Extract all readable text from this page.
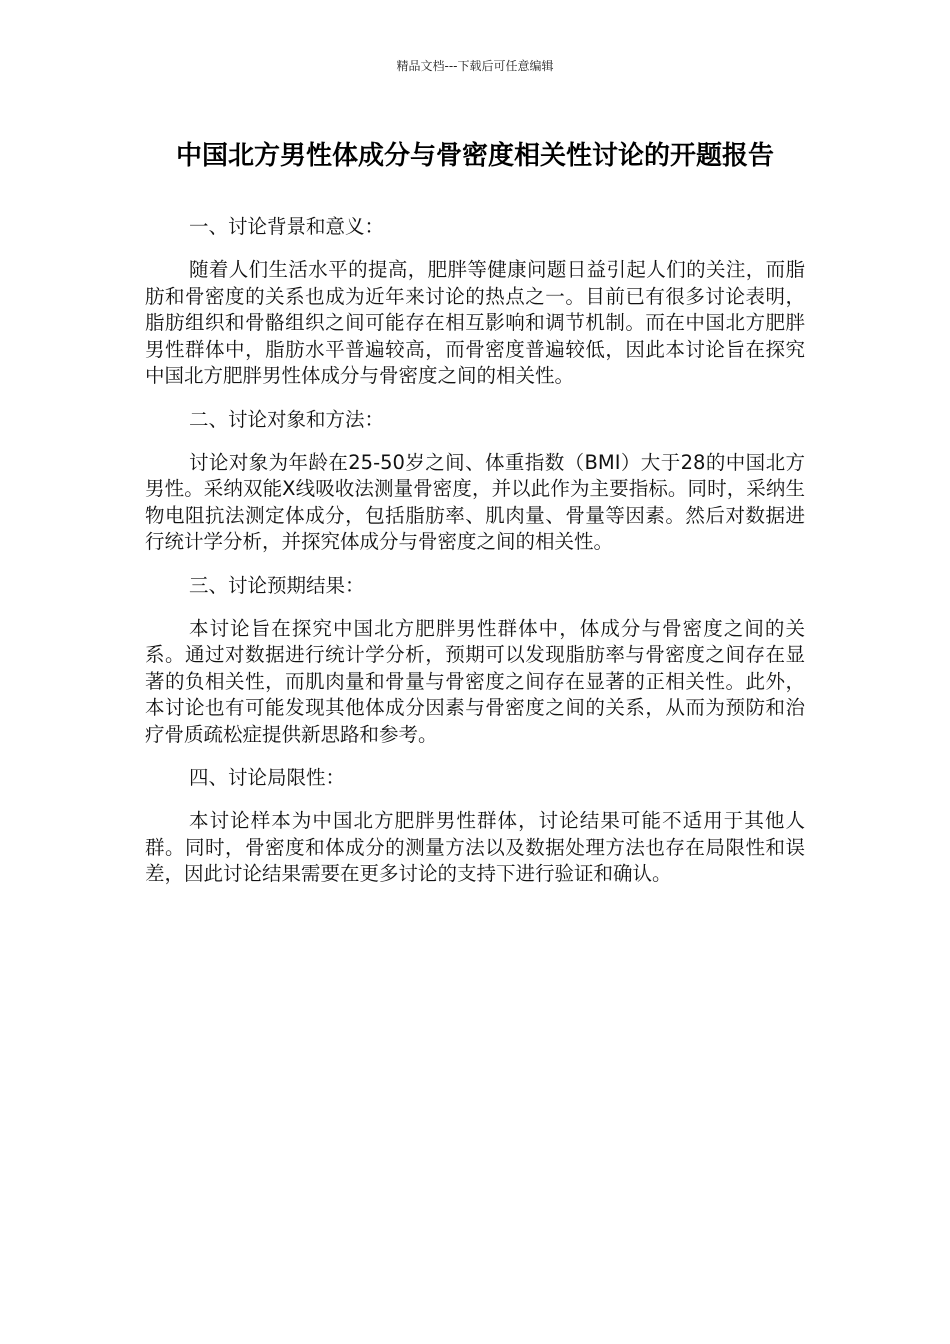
精品文档---下载后可任意编辑
中国北方男性体成分与骨密度相关性讨论的开题报告

一、讨论背景和意义：

随着人们生活水平的提高，肥胖等健康问题日益引起人们的关注，而脂肪和骨密度的关系也成为近年来讨论的热点之一。目前已有很多讨论表明，脂肪组织和骨骼组织之间可能存在相互影响和调节机制。而在中国北方肥胖男性群体中，脂肪水平普遍较高，而骨密度普遍较低，因此本讨论旨在探究中国北方肥胖男性体成分与骨密度之间的相关性。

二、讨论对象和方法：

讨论对象为年龄在25-50岁之间、体重指数（BMI）大于28的中国北方男性。采纳双能X线吸收法测量骨密度，并以此作为主要指标。同时，采纳生物电阻抗法测定体成分，包括脂肪率、肌肉量、骨量等因素。然后对数据进行统计学分析，并探究体成分与骨密度之间的相关性。

三、讨论预期结果：

本讨论旨在探究中国北方肥胖男性群体中，体成分与骨密度之间的关系。通过对数据进行统计学分析，预期可以发现脂肪率与骨密度之间存在显著的负相关性，而肌肉量和骨量与骨密度之间存在显著的正相关性。此外，本讨论也有可能发现其他体成分因素与骨密度之间的关系，从而为预防和治疗骨质疏松症提供新思路和参考。

四、讨论局限性：

本讨论样本为中国北方肥胖男性群体，讨论结果可能不适用于其他人群。同时，骨密度和体成分的测量方法以及数据处理方法也存在局限性和误差，因此讨论结果需要在更多讨论的支持下进行验证和确认。
